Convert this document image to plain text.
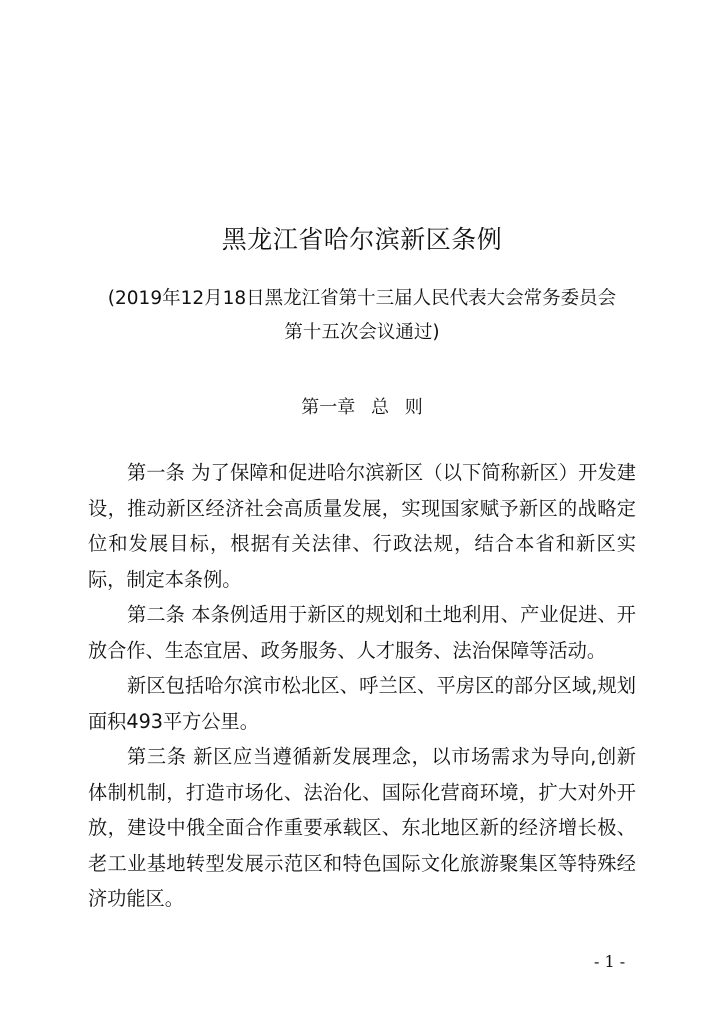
黑龙江省哈尔滨新区条例

(2019年12月18日黑龙江省第十三届人民代表大会常务委员会

第十五次会议通过)

第一章 总 则

第一条 为了保障和促进哈尔滨新区（以下简称新区）开发建设，推动新区经济社会高质量发展，实现国家赋予新区的战略定位和发展目标，根据有关法律、行政法规，结合本省和新区实际，制定本条例。

第二条 本条例适用于新区的规划和土地利用、产业促进、开放合作、生态宜居、政务服务、人才服务、法治保障等活动。

新区包括哈尔滨市松北区、呼兰区、平房区的部分区域,规划面积493平方公里。

第三条 新区应当遵循新发展理念，以市场需求为导向,创新体制机制，打造市场化、法治化、国际化营商环境，扩大对外开放，建设中俄全面合作重要承载区、东北地区新的经济增长极、老工业基地转型发展示范区和特色国际文化旅游聚集区等特殊经济功能区。

- 1 -
